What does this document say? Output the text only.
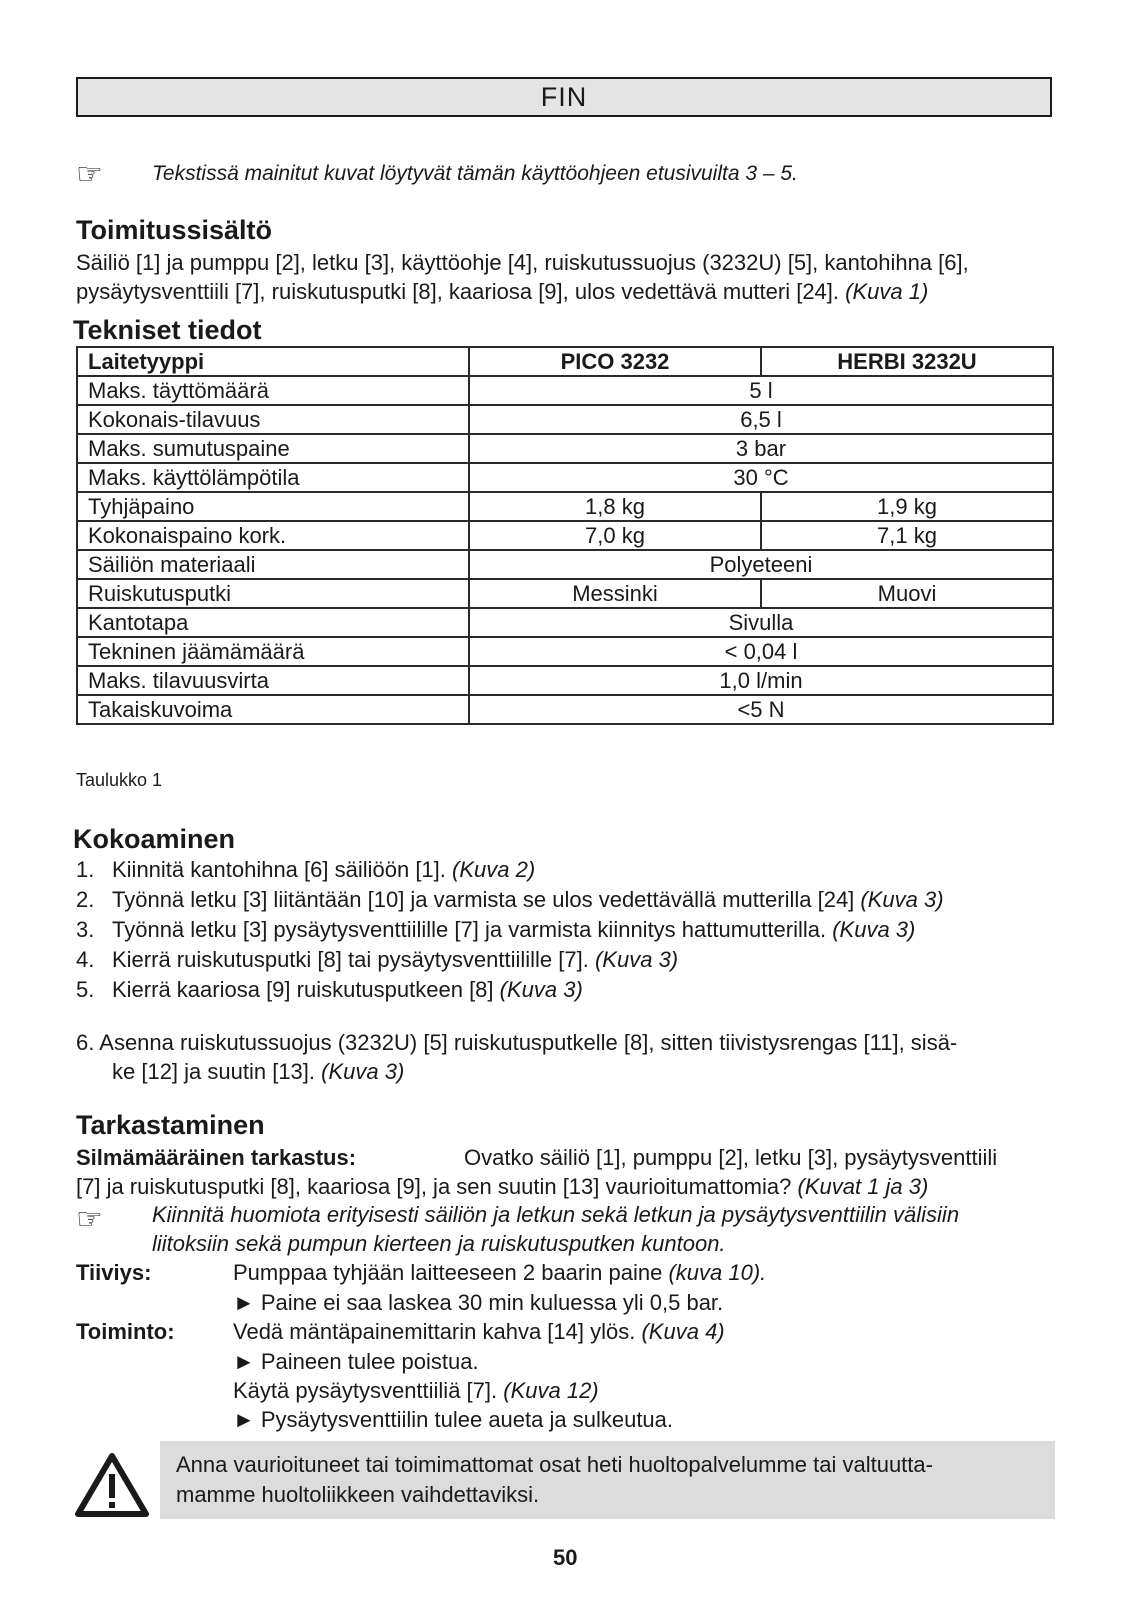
FIN
☞ Tekstissä mainitut kuvat löytyvät tämän käyttöohjeen etusivuilta 3 – 5.
Toimitussisältö
Säiliö [1] ja pumppu [2], letku [3], käyttöohje [4], ruiskutussuojus (3232U) [5], kantohihna [6],
pysäytysventtiili [7], ruiskutusputki [8], kaariosa [9], ulos vedettävä mutteri [24]. (Kuva 1)
Tekniset tiedot
Laitetyyppi	PICO 3232	HERBI 3232U
Maks. täyttömäärä	5 l	
Kokonais-tilavuus	6,5 l	
Maks. sumutuspaine	3 bar	
Maks. käyttölämpötila	30 °C	
Tyhjäpaino	1,8 kg	1,9 kg
Kokonaispaino kork.	7,0 kg	7,1 kg
Säiliön materiaali	Polyeteeni	
Ruiskutusputki	Messinki	Muovi
Kantotapa	Sivulla	
Tekninen jäämämäärä	< 0,04 l	
Maks. tilavuusvirta	1,0 l/min	
Takaiskuvoima	<5 N	
Taulukko 1
Kokoaminen
1. Kiinnitä kantohihna [6] säiliöön [1]. (Kuva 2)
2. Työnnä letku [3] liitäntään [10] ja varmista se ulos vedettävällä mutterilla [24] (Kuva 3)
3. Työnnä letku [3] pysäytysventtiilille [7] ja varmista kiinnitys hattumutterilla. (Kuva 3)
4. Kierrä ruiskutusputki [8] tai pysäytysventtiilille [7]. (Kuva 3)
5. Kierrä kaariosa [9] ruiskutusputkeen [8] (Kuva 3)
6. Asenna ruiskutussuojus (3232U) [5] ruiskutusputkelle [8], sitten tiivistysrengas [11], sisä-
ke [12] ja suutin [13]. (Kuva 3)
Tarkastaminen
Silmämääräinen tarkastus:	Ovatko säiliö [1], pumppu [2], letku [3], pysäytysventtiili
[7] ja ruiskutusputki [8], kaariosa [9], ja sen suutin [13] vaurioitumattomia? (Kuvat 1 ja 3)
☞ Kiinnitä huomiota erityisesti säiliön ja letkun sekä letkun ja pysäytysventtiilin välisiin
liitoksiin sekä pumpun kierteen ja ruiskutusputken kuntoon.
Tiiviys:	Pumppaa tyhjään laitteeseen 2 baarin paine (kuva 10).
► Paine ei saa laskea 30 min kuluessa yli 0,5 bar.
Toiminto:	Vedä mäntäpainemittarin kahva [14] ylös. (Kuva 4)
► Paineen tulee poistua.
Käytä pysäytysventtiiliä [7]. (Kuva 12)
► Pysäytysventtiilin tulee aueta ja sulkeutua.
Anna vaurioituneet tai toimimattomat osat heti huoltopalvelumme tai valtuutta-
mamme huoltoliikkeen vaihdettaviksi.
50
